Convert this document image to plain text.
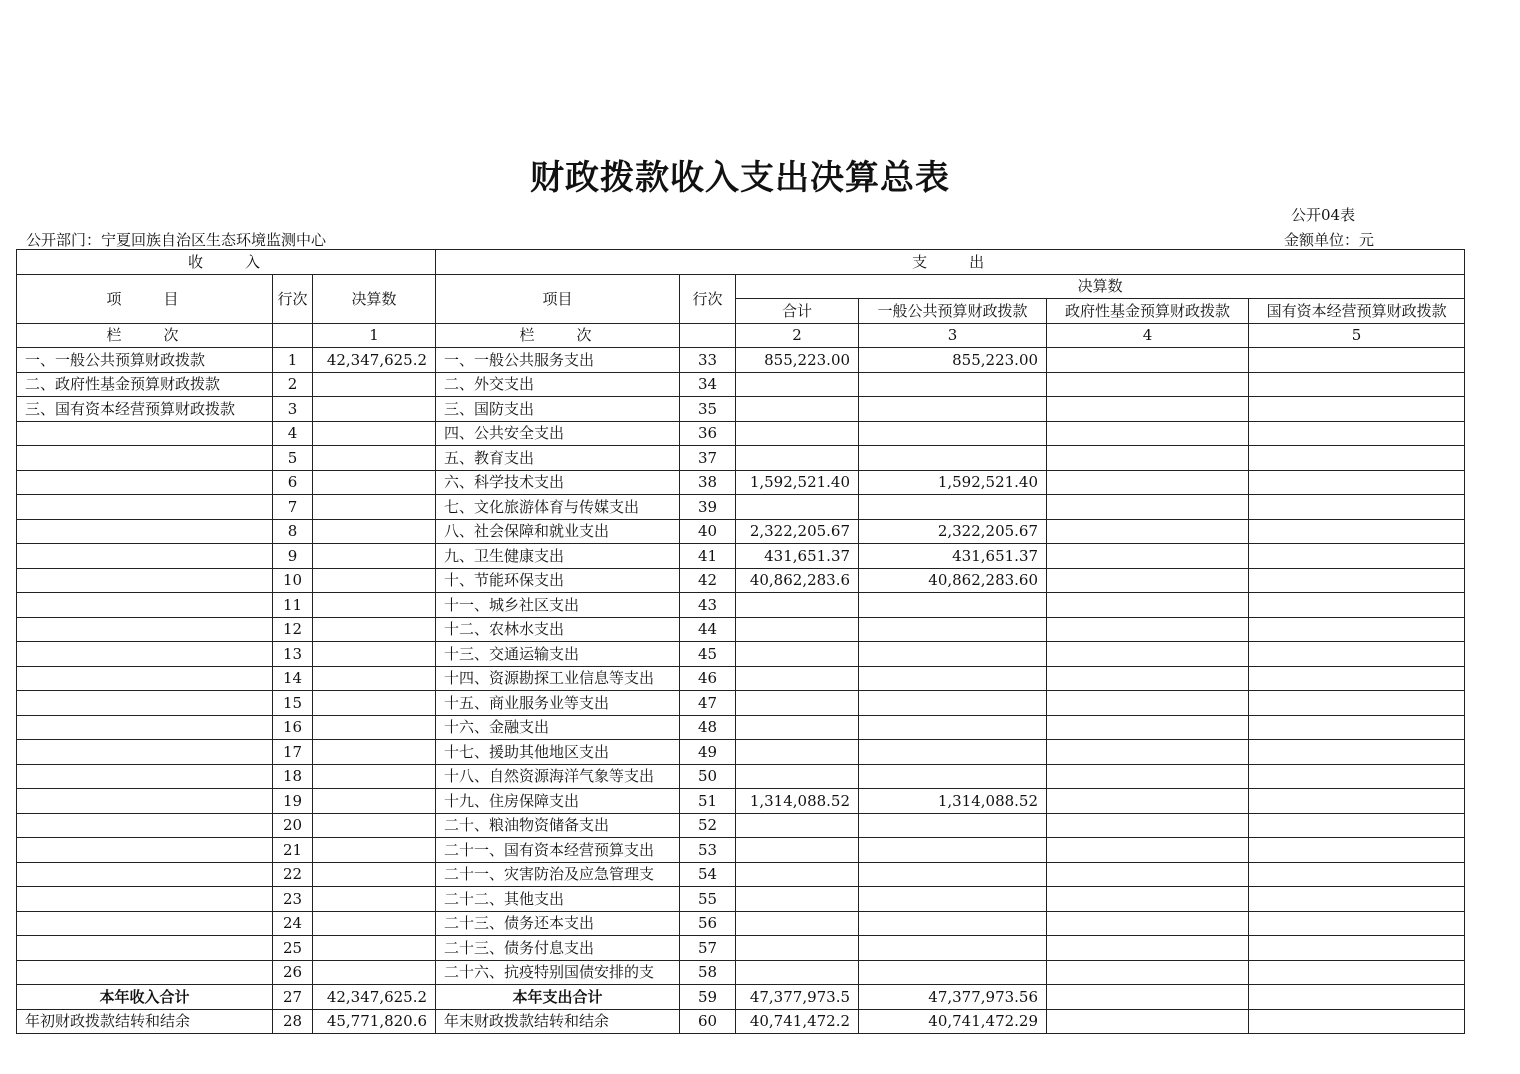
财政拨款收入支出决算总表
公开04表
公开部门：宁夏回族自治区生态环境监测中心	金额单位：元
收　　入			支　　出					
项　　目	行次	决算数	项目	行次	决算数			
					合计	一般公共预算财政拨款	政府性基金预算财政拨款	国有资本经营预算财政拨款
栏　　次		1	栏　　次		2	3	4	5
一、一般公共预算财政拨款	1	42,347,625.2	一、一般公共服务支出	33	855,223.00	855,223.00		
二、政府性基金预算财政拨款	2		二、外交支出	34				
三、国有资本经营预算财政拨款	3		三、国防支出	35				
	4		四、公共安全支出	36				
	5		五、教育支出	37				
	6		六、科学技术支出	38	1,592,521.40	1,592,521.40		
	7		七、文化旅游体育与传媒支出	39				
	8		八、社会保障和就业支出	40	2,322,205.67	2,322,205.67		
	9		九、卫生健康支出	41	431,651.37	431,651.37		
	10		十、节能环保支出	42	40,862,283.6	40,862,283.60		
	11		十一、城乡社区支出	43				
	12		十二、农林水支出	44				
	13		十三、交通运输支出	45				
	14		十四、资源勘探工业信息等支出	46				
	15		十五、商业服务业等支出	47				
	16		十六、金融支出	48				
	17		十七、援助其他地区支出	49				
	18		十八、自然资源海洋气象等支出	50				
	19		十九、住房保障支出	51	1,314,088.52	1,314,088.52		
	20		二十、粮油物资储备支出	52				
	21		二十一、国有资本经营预算支出	53				
	22		二十一、灾害防治及应急管理支	54				
	23		二十二、其他支出	55				
	24		二十三、债务还本支出	56				
	25		二十三、债务付息支出	57				
	26		二十六、抗疫特别国债安排的支	58				
本年收入合计	27	42,347,625.2	本年支出合计	59	47,377,973.5	47,377,973.56		
年初财政拨款结转和结余	28	45,771,820.6	年末财政拨款结转和结余	60	40,741,472.2	40,741,472.29		
